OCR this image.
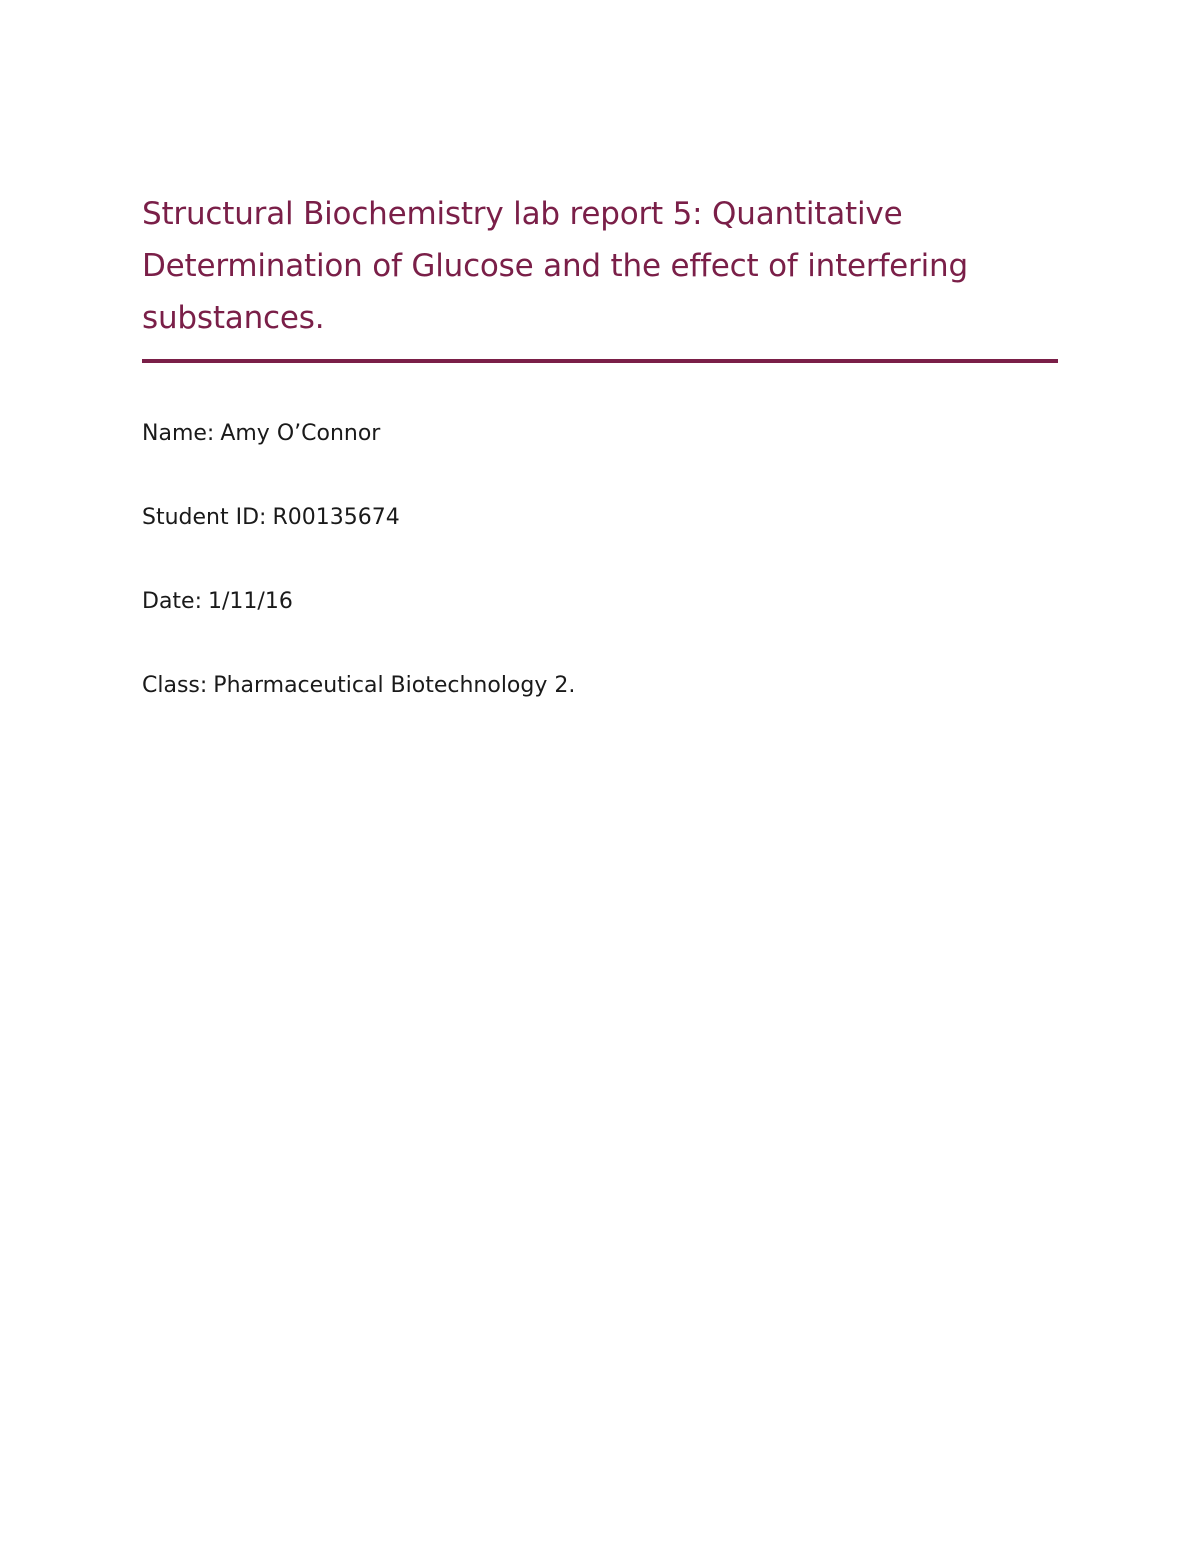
Structural Biochemistry lab report 5: Quantitative Determination of Glucose and the effect of interfering substances.
Name: Amy O’Connor
Student ID: R00135674
Date: 1/11/16
Class: Pharmaceutical Biotechnology 2.
